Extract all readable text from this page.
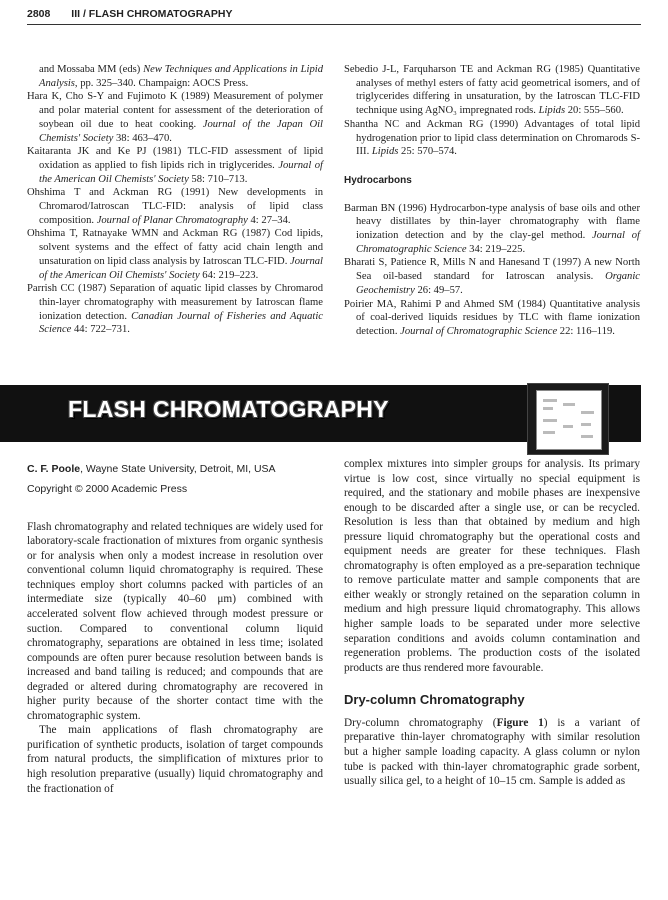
2808 III / FLASH CHROMATOGRAPHY

and Mossaba MM (eds) New Techniques and Applications in Lipid Analysis, pp. 325–340. Champaign: AOCS Press.

Hara K, Cho S-Y and Fujimoto K (1989) Measurement of polymer and polar material content for assessment of the deterioration of soybean oil due to heat cooking. Journal of the Japan Oil Chemists' Society 38: 463–470.

Kaitaranta JK and Ke PJ (1981) TLC-FID assessment of lipid oxidation as applied to fish lipids rich in triglycerides. Journal of the American Oil Chemists' Society 58: 710–713.

Ohshima T and Ackman RG (1991) New developments in Chromarod/Iatroscan TLC-FID: analysis of lipid class composition. Journal of Planar Chromatography 4: 27–34.

Ohshima T, Ratnayake WMN and Ackman RG (1987) Cod lipids, solvent systems and the effect of fatty acid chain length and unsaturation on lipid class analysis by Iatroscan TLC-FID. Journal of the American Oil Chemists' Society 64: 219–223.

Parrish CC (1987) Separation of aquatic lipid classes by Chromarod thin-layer chromatography with measurement by Iatroscan flame ionization detection. Canadian Journal of Fisheries and Aquatic Science 44: 722–731.

Sebedio J-L, Farquharson TE and Ackman RG (1985) Quantitative analyses of methyl esters of fatty acid geometrical isomers, and of triglycerides differing in unsaturation, by the Iatroscan TLC-FID technique using AgNO₃ impregnated rods. Lipids 20: 555–560.

Shantha NC and Ackman RG (1990) Advantages of total lipid hydrogenation prior to lipid class determination on Chromarods S-III. Lipids 25: 570–574.

Hydrocarbons

Barman BN (1996) Hydrocarbon-type analysis of base oils and other heavy distillates by thin-layer chromatography with flame ionization detection and by the clay-gel method. Journal of Chromatographic Science 34: 219–225.

Bharati S, Patience R, Mills N and Hanesand T (1997) A new North Sea oil-based standard for Iatroscan analysis. Organic Geochemistry 26: 49–57.

Poirier MA, Rahimi P and Ahmed SM (1984) Quantitative analysis of coal-derived liquids residues by TLC with flame ionization detection. Journal of Chromatographic Science 22: 116–119.

FLASH CHROMATOGRAPHY

C. F. Poole, Wayne State University, Detroit, MI, USA

Copyright © 2000 Academic Press

Flash chromatography and related techniques are widely used for laboratory-scale fractionation of mixtures from organic synthesis or for analysis when only a modest increase in resolution over conventional column liquid chromatography is required. These techniques employ short columns packed with particles of an intermediate size (typically 40–60 μm) combined with accelerated solvent flow achieved through modest pressure or suction. Compared to conventional column liquid chromatography, separations are obtained in less time; isolated compounds are often purer because resolution between bands is increased and band tailing is reduced; and compounds that are degraded or altered during chromatography are recovered in higher purity because of the shorter contact time with the chromatographic system.

The main applications of flash chromatography are purification of synthetic products, isolation of target compounds from natural products, the simplification of mixtures prior to high resolution preparative (usually) liquid chromatography and the fractionation of

complex mixtures into simpler groups for analysis. Its primary virtue is low cost, since virtually no special equipment is required, and the stationary and mobile phases are inexpensive enough to be discarded after a single use, or can be recycled. Resolution is less than that obtained by medium and high pressure liquid chromatography but the operational costs and equipment needs are greater for these techniques. Flash chromatography is often employed as a pre-separation technique to remove particulate matter and sample components that are either weakly or strongly retained on the separation column in medium and high pressure liquid chromatography. This allows higher sample loads to be separated under more selective separation conditions and avoids column contamination and regeneration problems. The production costs of the isolated products are thus rendered more favourable.

Dry-column Chromatography

Dry-column chromatography (Figure 1) is a variant of preparative thin-layer chromatography with similar resolution but a higher sample loading capacity. A glass column or nylon tube is packed with thin-layer chromatographic grade sorbent, usually silica gel, to a height of 10–15 cm. Sample is added as
